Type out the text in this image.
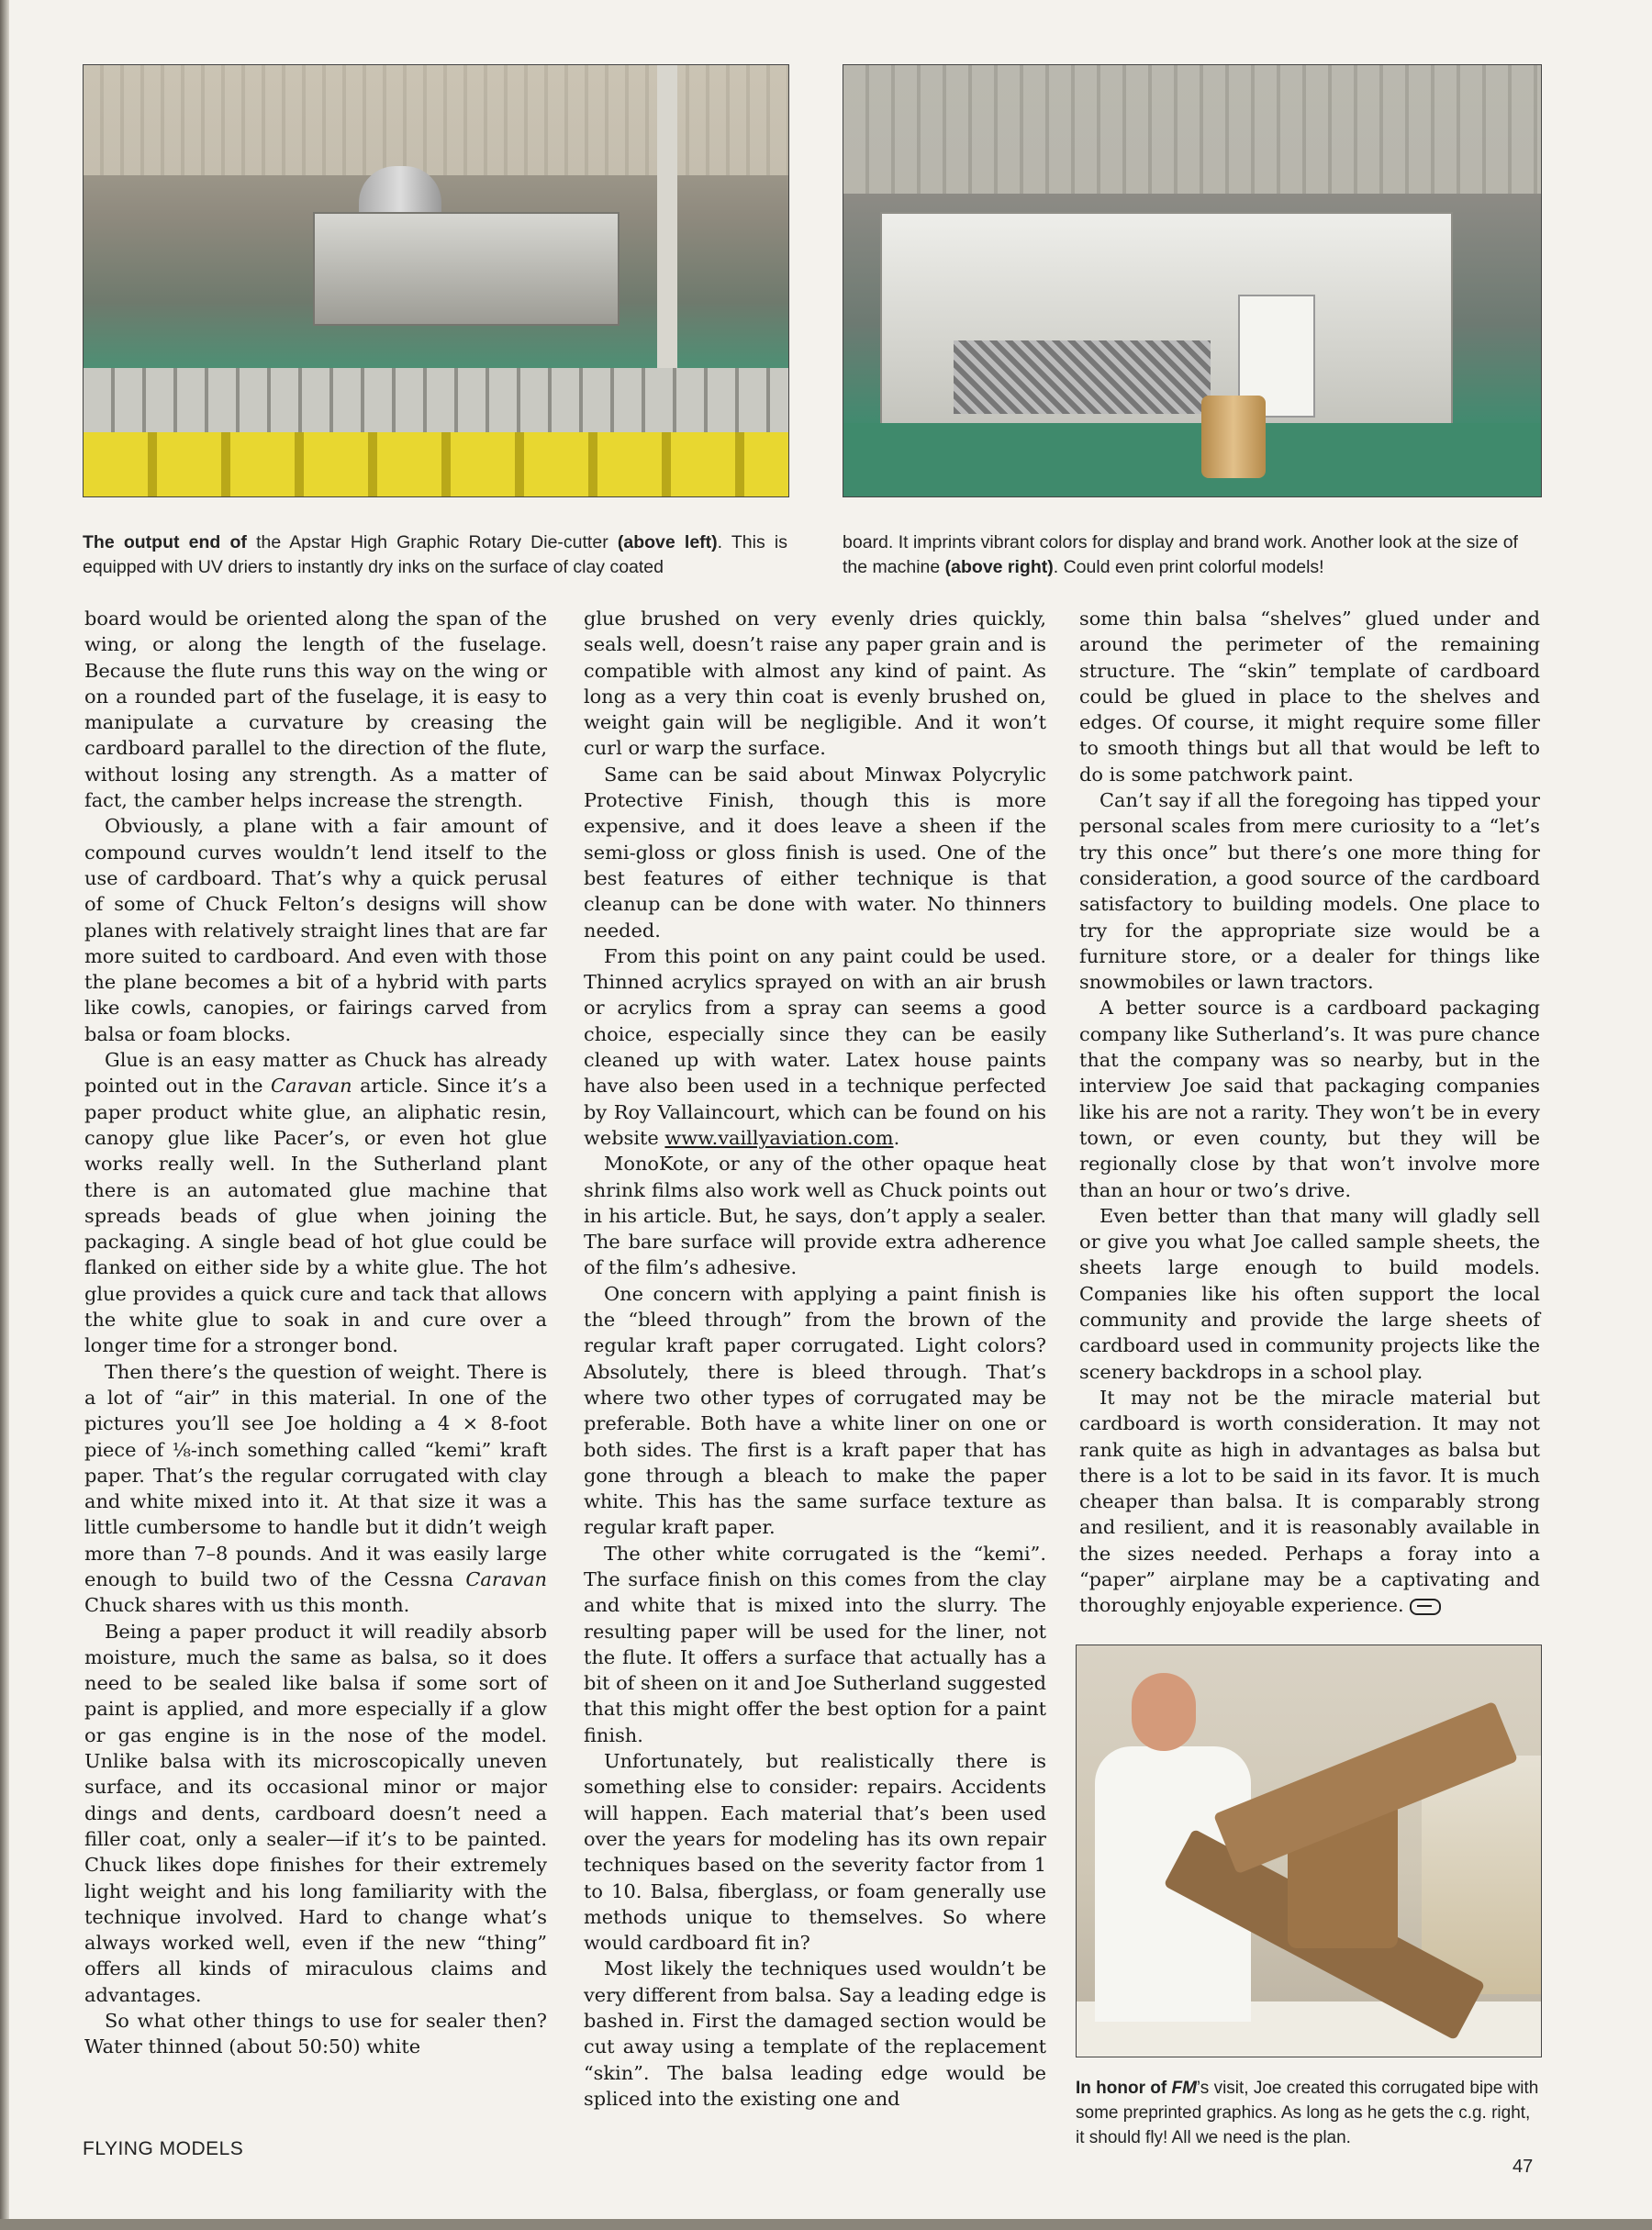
The output end of the Apstar High Graphic Rotary Die-cutter (above left). This is equipped with UV driers to instantly dry inks on the surface of clay coated
board. It imprints vibrant colors for display and brand work. Another look at the size of the machine (above right). Could even print colorful models!

board would be oriented along the span of the wing, or along the length of the fuselage. Because the flute runs this way on the wing or on a rounded part of the fuselage, it is easy to manipulate a curvature by creasing the cardboard parallel to the direction of the flute, without losing any strength. As a matter of fact, the camber helps increase the strength.

Obviously, a plane with a fair amount of compound curves wouldn’t lend itself to the use of cardboard. That’s why a quick perusal of some of Chuck Felton’s designs will show planes with relatively straight lines that are far more suited to cardboard. And even with those the plane becomes a bit of a hybrid with parts like cowls, canopies, or fairings carved from balsa or foam blocks.

Glue is an easy matter as Chuck has already pointed out in the Caravan article. Since it’s a paper product white glue, an aliphatic resin, canopy glue like Pacer’s, or even hot glue works really well. In the Sutherland plant there is an automated glue machine that spreads beads of glue when joining the packaging. A single bead of hot glue could be flanked on either side by a white glue. The hot glue provides a quick cure and tack that allows the white glue to soak in and cure over a longer time for a stronger bond.

Then there’s the question of weight. There is a lot of “air” in this material. In one of the pictures you’ll see Joe holding a 4 × 8-foot piece of ⅛-inch something called “kemi” kraft paper. That’s the regular corrugated with clay and white mixed into it. At that size it was a little cumbersome to handle but it didn’t weigh more than 7–8 pounds. And it was easily large enough to build two of the Cessna Caravan Chuck shares with us this month.

Being a paper product it will readily absorb moisture, much the same as balsa, so it does need to be sealed like balsa if some sort of paint is applied, and more especially if a glow or gas engine is in the nose of the model. Unlike balsa with its microscopically uneven surface, and its occasional minor or major dings and dents, cardboard doesn’t need a filler coat, only a sealer—if it’s to be painted. Chuck likes dope finishes for their extremely light weight and his long familiarity with the technique involved. Hard to change what’s always worked well, even if the new “thing” offers all kinds of miraculous claims and advantages.

So what other things to use for sealer then? Water thinned (about 50:50) white

glue brushed on very evenly dries quickly, seals well, doesn’t raise any paper grain and is compatible with almost any kind of paint. As long as a very thin coat is evenly brushed on, weight gain will be negligible. And it won’t curl or warp the surface.

Same can be said about Minwax Polycrylic Protective Finish, though this is more expensive, and it does leave a sheen if the semi-gloss or gloss finish is used. One of the best features of either technique is that cleanup can be done with water. No thinners needed.

From this point on any paint could be used. Thinned acrylics sprayed on with an air brush or acrylics from a spray can seems a good choice, especially since they can be easily cleaned up with water. Latex house paints have also been used in a technique perfected by Roy Vallaincourt, which can be found on his website www.vaillyaviation.com.

MonoKote, or any of the other opaque heat shrink films also work well as Chuck points out in his article. But, he says, don’t apply a sealer. The bare surface will provide extra adherence of the film’s adhesive.

One concern with applying a paint finish is the “bleed through” from the brown of the regular kraft paper corrugated. Light colors? Absolutely, there is bleed through. That’s where two other types of corrugated may be preferable. Both have a white liner on one or both sides. The first is a kraft paper that has gone through a bleach to make the paper white. This has the same surface texture as regular kraft paper.

The other white corrugated is the “kemi”. The surface finish on this comes from the clay and white that is mixed into the slurry. The resulting paper will be used for the liner, not the flute. It offers a surface that actually has a bit of sheen on it and Joe Sutherland suggested that this might offer the best option for a paint finish.

Unfortunately, but realistically there is something else to consider: repairs. Accidents will happen. Each material that’s been used over the years for modeling has its own repair techniques based on the severity factor from 1 to 10. Balsa, fiberglass, or foam generally use methods unique to themselves. So where would cardboard fit in?

Most likely the techniques used wouldn’t be very different from balsa. Say a leading edge is bashed in. First the damaged section would be cut away using a template of the replacement “skin”. The balsa leading edge would be spliced into the existing one and

some thin balsa “shelves” glued under and around the perimeter of the remaining structure. The “skin” template of cardboard could be glued in place to the shelves and edges. Of course, it might require some filler to smooth things but all that would be left to do is some patchwork paint.

Can’t say if all the foregoing has tipped your personal scales from mere curiosity to a “let’s try this once” but there’s one more thing for consideration, a good source of the cardboard satisfactory to building models. One place to try for the appropriate size would be a furniture store, or a dealer for things like snowmobiles or lawn tractors.

A better source is a cardboard packaging company like Sutherland’s. It was pure chance that the company was so nearby, but in the interview Joe said that packaging companies like his are not a rarity. They won’t be in every town, or even county, but they will be regionally close by that won’t involve more than an hour or two’s drive.

Even better than that many will gladly sell or give you what Joe called sample sheets, the sheets large enough to build models. Companies like his often support the local community and provide the large sheets of cardboard used in community projects like the scenery backdrops in a school play.

It may not be the miracle material but cardboard is worth consideration. It may not rank quite as high in advantages as balsa but there is a lot to be said in its favor. It is much cheaper than balsa. It is comparably strong and resilient, and it is reasonably available in the sizes needed. Perhaps a foray into a “paper” airplane may be a captivating and thoroughly enjoyable experience.

In honor of FM’s visit, Joe created this corrugated bipe with some preprinted graphics. As long as he gets the c.g. right, it should fly! All we need is the plan.
FLYING MODELS
47
